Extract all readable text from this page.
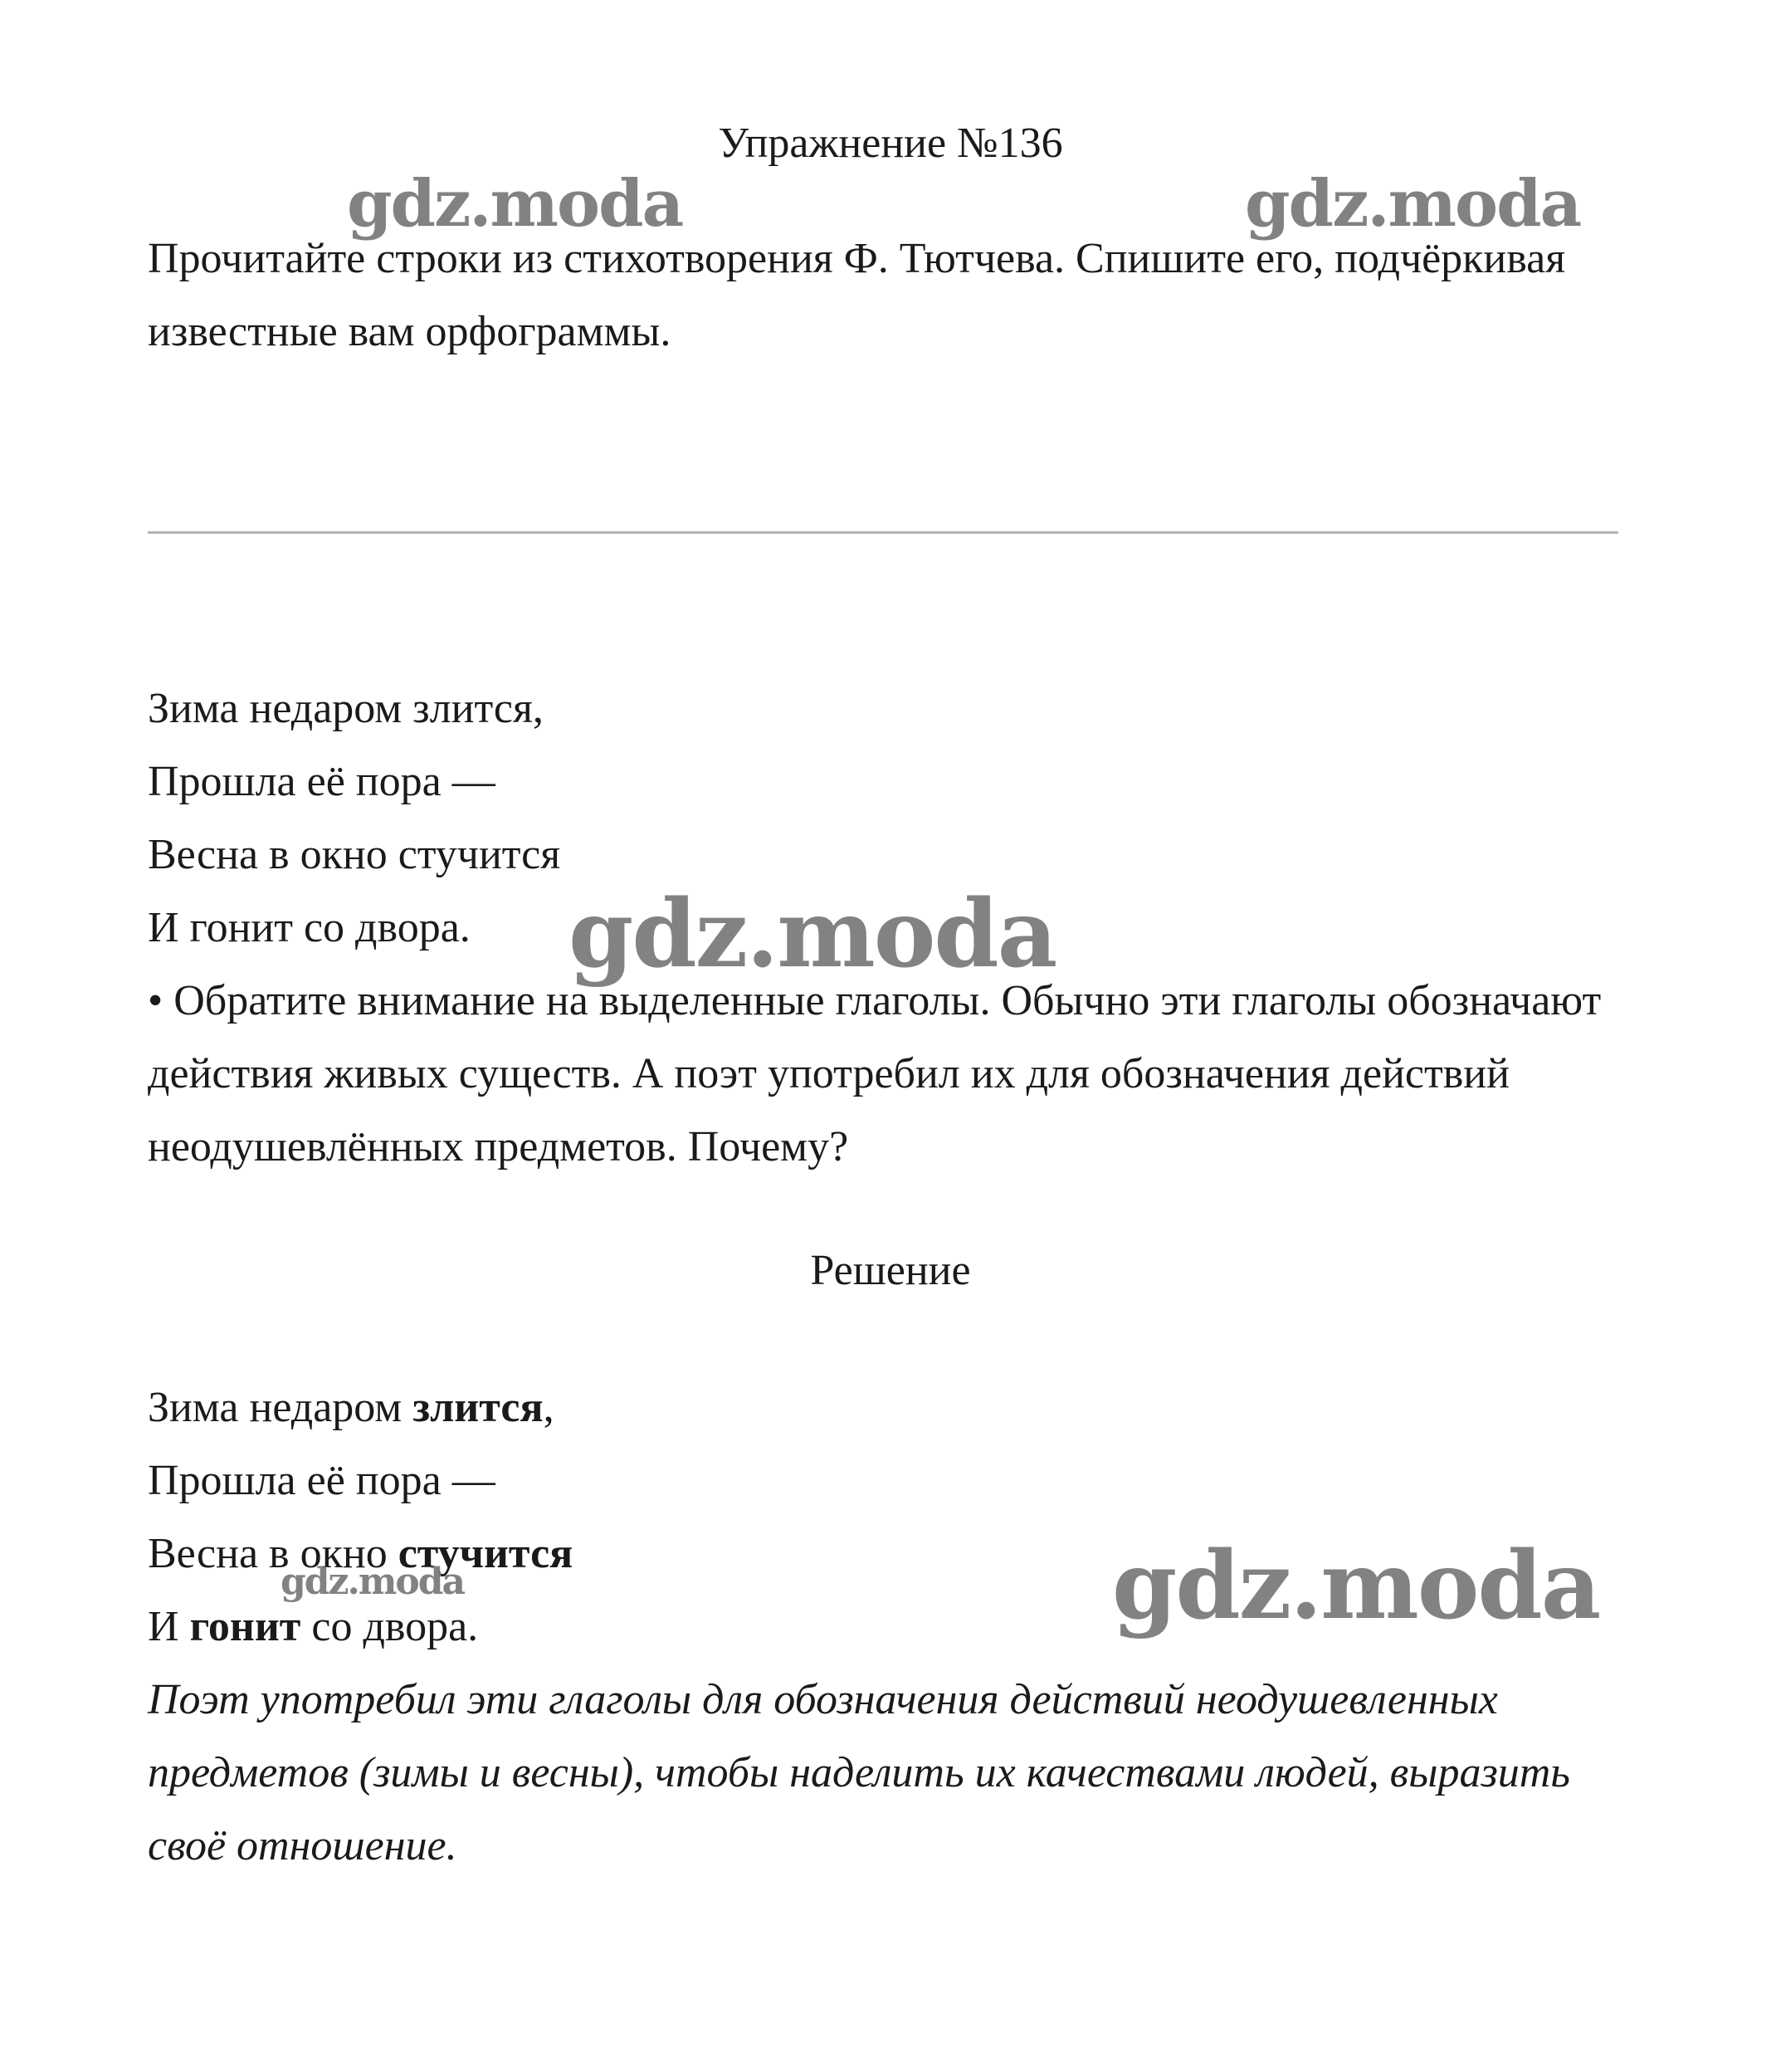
Упражнение №136
Прочитайте строки из стихотворения Ф. Тютчева. Спишите его, подчёркивая известные вам орфограммы.
Зима недаром злится,
Прошла её пора —
Весна в окно стучится
И гонит со двора.
• Обратите внимание на выделенные глаголы. Обычно эти глаголы обозначают действия живых существ. А поэт употребил их для обозначения действий неодушевлённых предметов. Почему?
Решение
Зима недаром злится,
Прошла её пора —
Весна в окно стучится
И гонит со двора.
Поэт употребил эти глаголы для обозначения действий неодушевленных предметов (зимы и весны), чтобы наделить их качествами людей, выразить своё отношение.
gdz.moda	gdz.moda
gdz.moda
gdz.moda
gdz.moda
